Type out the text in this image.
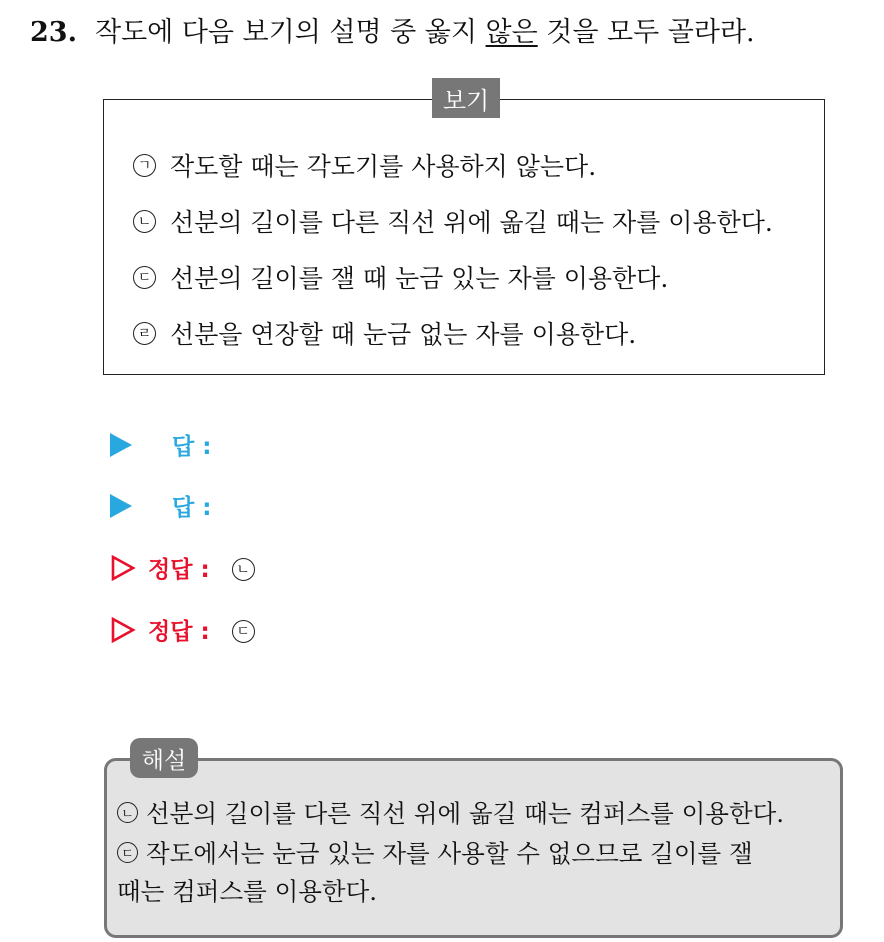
23. 작도에 다음 보기의 설명 중 옳지 않은 것을 모두 골라라.
보기
ㄱ 작도할 때는 각도기를 사용하지 않는다.
ㄴ 선분의 길이를 다른 직선 위에 옮길 때는 자를 이용한다.
ㄷ 선분의 길이를 잴 때 눈금 있는 자를 이용한다.
ㄹ 선분을 연장할 때 눈금 없는 자를 이용한다.
답 :
답 :
정답 :	ㄴ
정답 :	ㄷ
해설
ㄴ 선분의 길이를 다른 직선 위에 옮길 때는 컴퍼스를 이용한다.
ㄷ 작도에서는 눈금 있는 자를 사용할 수 없으므로 길이를 잴
때는 컴퍼스를 이용한다.
